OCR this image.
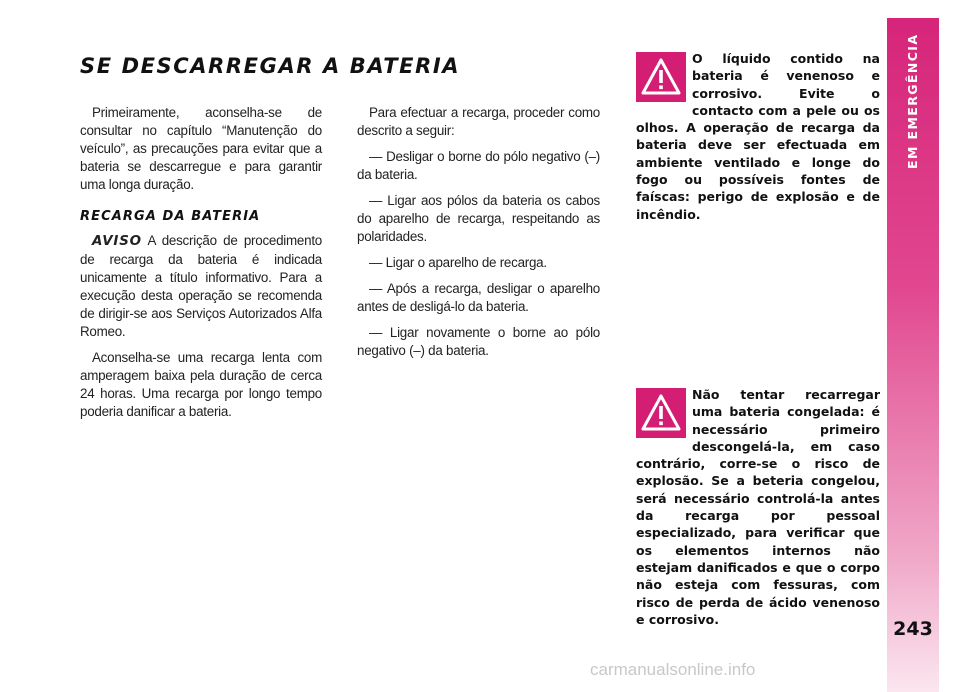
EM EMERGÊNCIA
243
SE DESCARREGAR A BATERIA

Primeiramente, aconselha-se de consultar no capítulo “Manutenção do veículo”, as precauções para evitar que a bateria se descarregue e para garantir uma longa duração.

RECARGA DA BATERIA

AVISO A descrição de procedimento de recarga da bateria é indicada unicamente a título informativo. Para a execução desta operação se recomenda de dirigir-se aos Serviços Autorizados Alfa Romeo.

Aconselha-se uma recarga lenta com amperagem baixa pela duração de cerca 24 horas. Uma recarga por longo tempo poderia danificar a bateria.

Para efectuar a recarga, proceder como descrito a seguir:

— Desligar o borne do pólo negativo (–) da bateria.

— Ligar aos pólos da bateria os cabos do aparelho de recarga, respeitando as polaridades.

— Ligar o aparelho de recarga.

— Após a recarga, desligar o aparelho antes de desligá-lo da bateria.

— Ligar novamente o borne ao pólo negativo (–) da bateria.

O líquido contido na bateria é venenoso e corrosivo. Evite o contacto com a pele ou os olhos. A operação de recarga da bateria deve ser efectuada em ambiente ventilado e longe do fogo ou possíveis fontes de faíscas: perigo de explosão e de incêndio.

Não tentar recarregar uma bateria congelada: é necessário primeiro descongelá-la, em caso contrário, corre-se o risco de explosão. Se a beteria congelou, será necessário controlá-la antes da recarga por pessoal especializado, para verificar que os elementos internos não estejam danificados e que o corpo não esteja com fessuras, com risco de perda de ácido venenoso e corrosivo.

carmanualsonline.info
